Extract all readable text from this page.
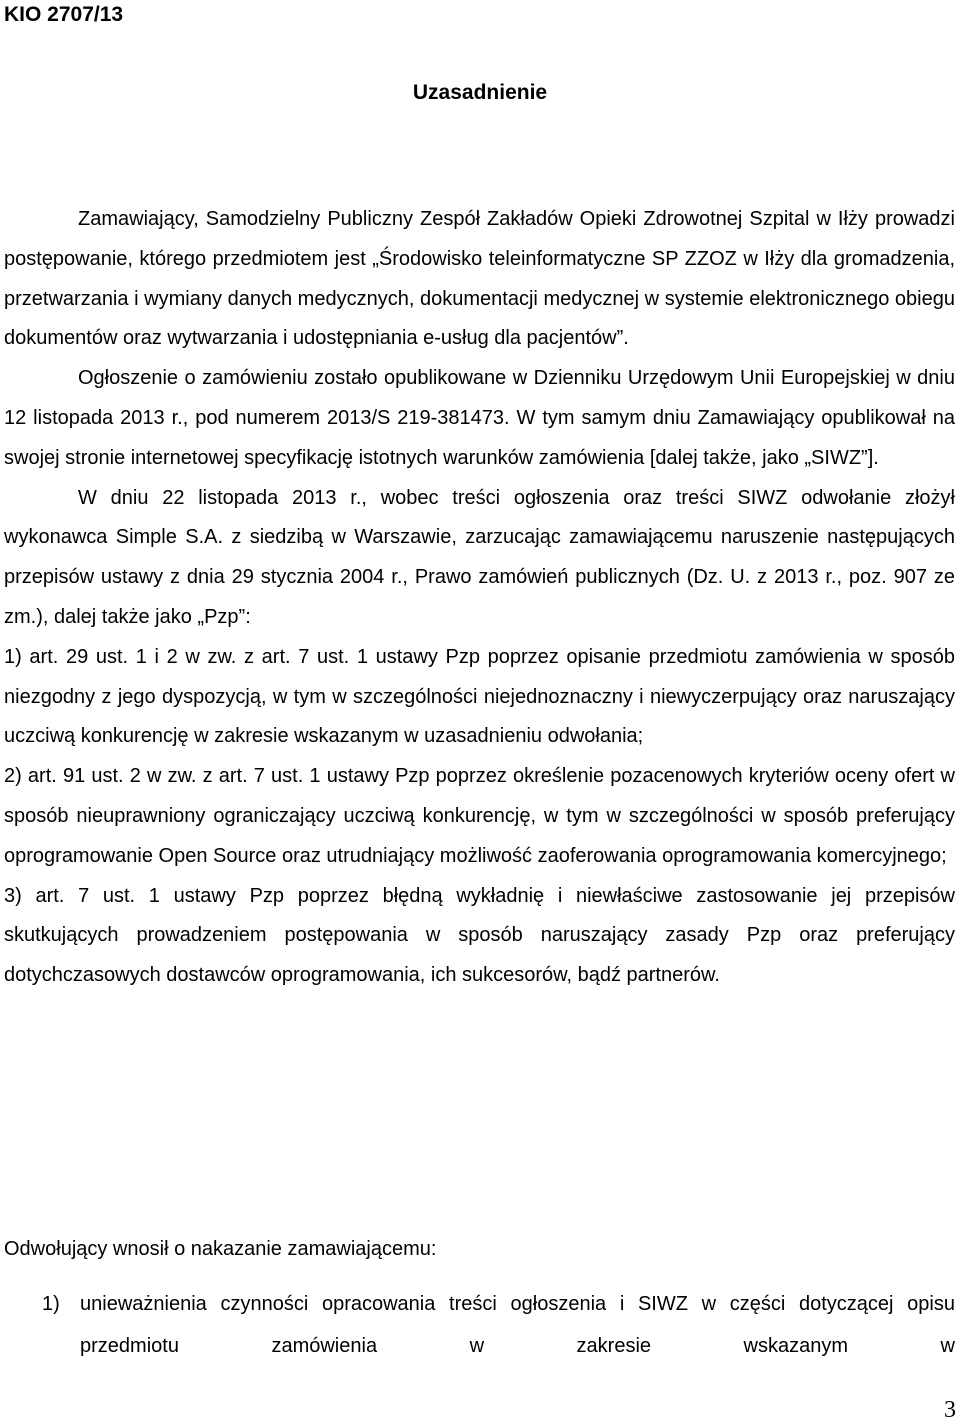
KIO 2707/13

Uzasadnienie

Zamawiający, Samodzielny Publiczny Zespół Zakładów Opieki Zdrowotnej Szpital w Iłży prowadzi postępowanie, którego przedmiotem jest „Środowisko teleinformatyczne SP ZZOZ w Iłży dla gromadzenia, przetwarzania i wymiany danych medycznych, dokumentacji medycznej w systemie elektronicznego obiegu dokumentów oraz wytwarzania i udostępniania e-usług dla pacjentów”.

Ogłoszenie o zamówieniu zostało opublikowane w Dzienniku Urzędowym Unii Europejskiej w dniu 12 listopada 2013 r., pod numerem 2013/S 219-381473. W tym samym dniu Zamawiający opublikował na swojej stronie internetowej specyfikację istotnych warunków zamówienia [dalej także, jako „SIWZ”].

W dniu 22 listopada 2013 r., wobec treści ogłoszenia oraz treści SIWZ odwołanie złożył wykonawca Simple S.A. z siedzibą w Warszawie, zarzucając zamawiającemu naruszenie następujących przepisów ustawy z dnia 29 stycznia 2004 r., Prawo zamówień publicznych (Dz. U. z 2013 r., poz. 907 ze zm.), dalej także jako „Pzp”:

1) art. 29 ust. 1 i 2 w zw. z art. 7 ust. 1 ustawy Pzp poprzez opisanie przedmiotu zamówienia w sposób niezgodny z jego dyspozycją, w tym w szczególności niejednoznaczny i niewyczerpujący oraz naruszający uczciwą konkurencję w zakresie wskazanym w uzasadnieniu odwołania;

2) art. 91 ust. 2 w zw. z art. 7 ust. 1 ustawy Pzp poprzez określenie pozacenowych kryteriów oceny ofert w sposób nieuprawniony ograniczający uczciwą konkurencję, w tym w szczególności w sposób preferujący oprogramowanie Open Source oraz utrudniający możliwość zaoferowania oprogramowania komercyjnego;

3) art. 7 ust. 1 ustawy Pzp poprzez błędną wykładnię i niewłaściwe zastosowanie jej przepisów skutkujących prowadzeniem postępowania w sposób naruszający zasady Pzp oraz preferujący dotychczasowych dostawców oprogramowania, ich sukcesorów, bądź partnerów.

Odwołujący wnosił o nakazanie zamawiającemu:

1)	unieważnienia czynności opracowania treści ogłoszenia i SIWZ w części dotyczącej opisu przedmiotu zamówienia w zakresie wskazanym w

3
